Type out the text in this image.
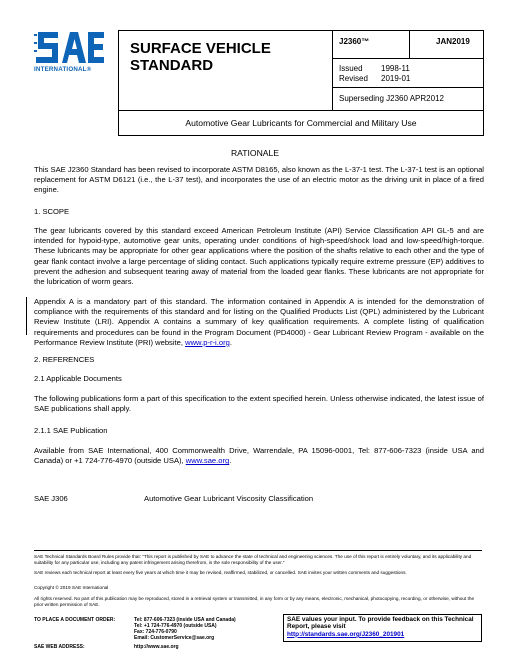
INTERNATIONAL®
SURFACE VEHICLE
STANDARD
J2360™	JAN2019
Issued	1998-11
Revised	2019-01
Superseding J2360 APR2012
Automotive Gear Lubricants for Commercial and Military Use
RATIONALE
This SAE J2360 Standard has been revised to incorporate ASTM D8165, also known as the L-37-1 test. The L-37-1 test is an optional replacement for ASTM D6121 (i.e., the L-37 test), and incorporates the use of an electric motor as the driving unit in place of a fired engine.
1. SCOPE
The gear lubricants covered by this standard exceed American Petroleum Institute (API) Service Classification API GL-5 and are intended for hypoid-type, automotive gear units, operating under conditions of high-speed/shock load and low-speed/high-torque. These lubricants may be appropriate for other gear applications where the position of the shafts relative to each other and the type of gear flank contact involve a large percentage of sliding contact. Such applications typically require extreme pressure (EP) additives to prevent the adhesion and subsequent tearing away of material from the loaded gear flanks. These lubricants are not appropriate for the lubrication of worm gears.
Appendix A is a mandatory part of this standard. The information contained in Appendix A is intended for the demonstration of compliance with the requirements of this standard and for listing on the Qualified Products List (QPL) administered by the Lubricant Review Institute (LRI). Appendix A contains a summary of key qualification requirements. A complete listing of qualification requirements and procedures can be found in the Program Document (PD4000) - Gear Lubricant Review Program - available on the Performance Review Institute (PRI) website, www.p-r-i.org.
2. REFERENCES
2.1 Applicable Documents
The following publications form a part of this specification to the extent specified herein. Unless otherwise indicated, the latest issue of SAE publications shall apply.
2.1.1 SAE Publication
Available from SAE International, 400 Commonwealth Drive, Warrendale, PA 15096-0001, Tel: 877-606-7323 (inside USA and Canada) or +1 724-776-4970 (outside USA), www.sae.org.
SAE J306	Automotive Gear Lubricant Viscosity Classification
SAE Technical Standards Board Rules provide that: “This report is published by SAE to advance the state of technical and engineering sciences. The use of this report is entirely voluntary, and its applicability and suitability for any particular use, including any patent infringement arising therefrom, is the sole responsibility of the user.”
SAE reviews each technical report at least every five years at which time it may be revised, reaffirmed, stabilized, or cancelled. SAE invites your written comments and suggestions.
Copyright © 2019 SAE International
All rights reserved. No part of this publication may be reproduced, stored in a retrieval system or transmitted, in any form or by any means, electronic, mechanical, photocopying, recording, or otherwise, without the prior written permission of SAE.
TO PLACE A DOCUMENT ORDER:	Tel: 877-606-7323 (inside USA and Canada)
Tel: +1 724-776-4970 (outside USA)
Fax: 724-776-0790
Email: CustomerService@sae.org
SAE WEB ADDRESS:	http://www.sae.org
SAE values your input. To provide feedback on this Technical Report, please visit
http://standards.sae.org/J2360_201901
